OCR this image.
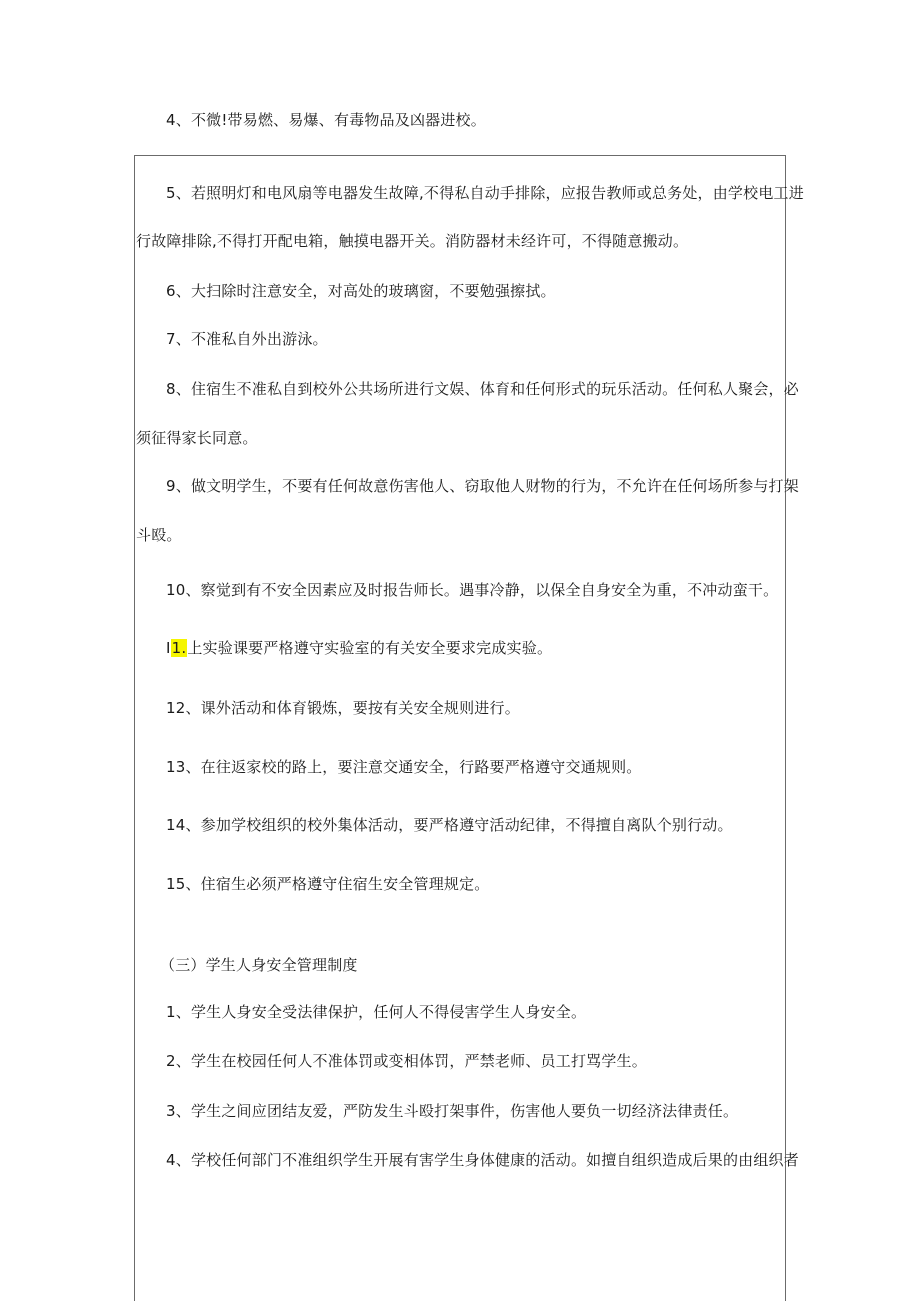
4、不微!带易燃、易爆、有毒物品及凶器进校。
5、若照明灯和电风扇等电器发生故障,不得私自动手排除，应报告教师或总务处，由学校电工进
行故障排除,不得打开配电箱，触摸电器开关。消防器材未经许可，不得随意搬动。
6、大扫除时注意安全，对高处的玻璃窗，不要勉强擦拭。
7、不准私自外出游泳。
8、住宿生不准私自到校外公共场所进行文娱、体育和任何形式的玩乐活动。任何私人聚会，必
须征得家长同意。
9、做文明学生，不要有任何故意伤害他人、窃取他人财物的行为，不允许在任何场所参与打架
斗殴。
10、察觉到有不安全因素应及时报告师长。遇事冷静，以保全自身安全为重，不冲动蛮干。
I1.上实验课要严格遵守实验室的有关安全要求完成实验。
12、课外活动和体育锻炼，要按有关安全规则进行。
13、在往返家校的路上，要注意交通安全，行路要严格遵守交通规则。
14、参加学校组织的校外集体活动，要严格遵守活动纪律，不得擅自离队个别行动。
15、住宿生必须严格遵守住宿生安全管理规定。
（三）学生人身安全管理制度
1、学生人身安全受法律保护，任何人不得侵害学生人身安全。
2、学生在校园任何人不准体罚或变相体罚，严禁老师、员工打骂学生。
3、学生之间应团结友爱，严防发生斗殴打架事件，伤害他人要负一切经济法律责任。
4、学校任何部门不准组织学生开展有害学生身体健康的活动。如擅自组织造成后果的由组织者
